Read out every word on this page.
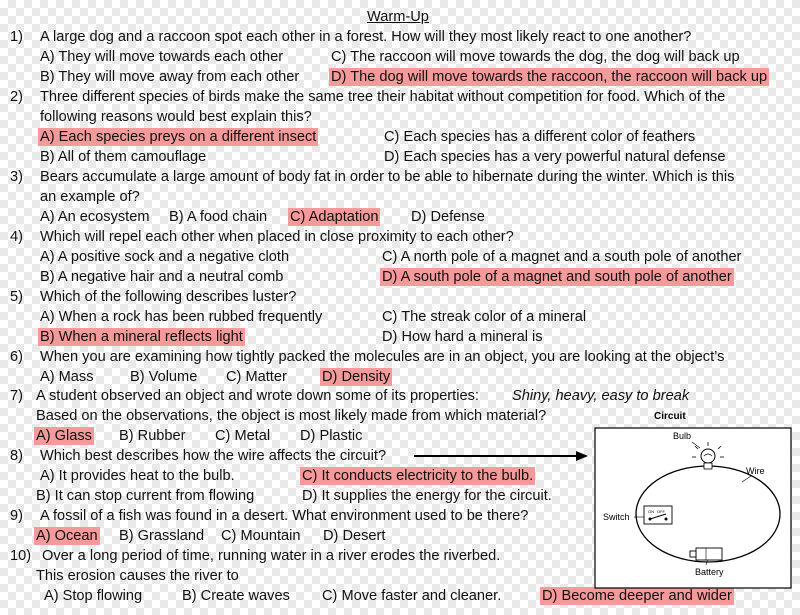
Warm-Up
1) A large dog and a raccoon spot each other in a forest. How will they most likely react to one another?
A) They will move towards each other	C) The raccoon will move towards the dog, the dog will back up
B) They will move away from each other D) The dog will move towards the raccoon, the raccoon will back up
2) Three different species of birds make the same tree their habitat without competition for food. Which of the
following reasons would best explain this?
A) Each species preys on a different insect	C) Each species has a different color of feathers
B) All of them camouflage	D) Each species has a very powerful natural defense
3) Bears accumulate a large amount of body fat in order to be able to hibernate during the winter. Which is this
an example of?
A) An ecosystem B) A food chain C) Adaptation D) Defense
4) Which will repel each other when placed in close proximity to each other?
A) A positive sock and a negative cloth	C) A north pole of a magnet and a south pole of another
B) A negative hair and a neutral comb	D) A south pole of a magnet and south pole of another
5) Which of the following describes luster?
A) When a rock has been rubbed frequently	C) The streak color of a mineral
B) When a mineral reflects light	D) How hard a mineral is
6) When you are examining how tightly packed the molecules are in an object, you are looking at the object’s
A) Mass B) Volume C) Matter D) Density
7) A student observed an object and wrote down some of its properties: Shiny, heavy, easy to break
Based on the observations, the object is most likely made from which material?
A) Glass B) Rubber C) Metal D) Plastic
8) Which best describes how the wire affects the circuit?
A) It provides heat to the bulb.	C) It conducts electricity to the bulb.
B) It can stop current from flowing	D) It supplies the energy for the circuit.
9) A fossil of a fish was found in a desert. What environment used to be there?
A) Ocean B) Grassland C) Mountain D) Desert
10) Over a long period of time, running water in a river erodes the riverbed.
This erosion causes the river to
A) Stop flowing	B) Create waves C) Move faster and cleaner.	D) Become deeper and wider
Circuit
Bulb
Wire
Switch
Battery
ON OFF
